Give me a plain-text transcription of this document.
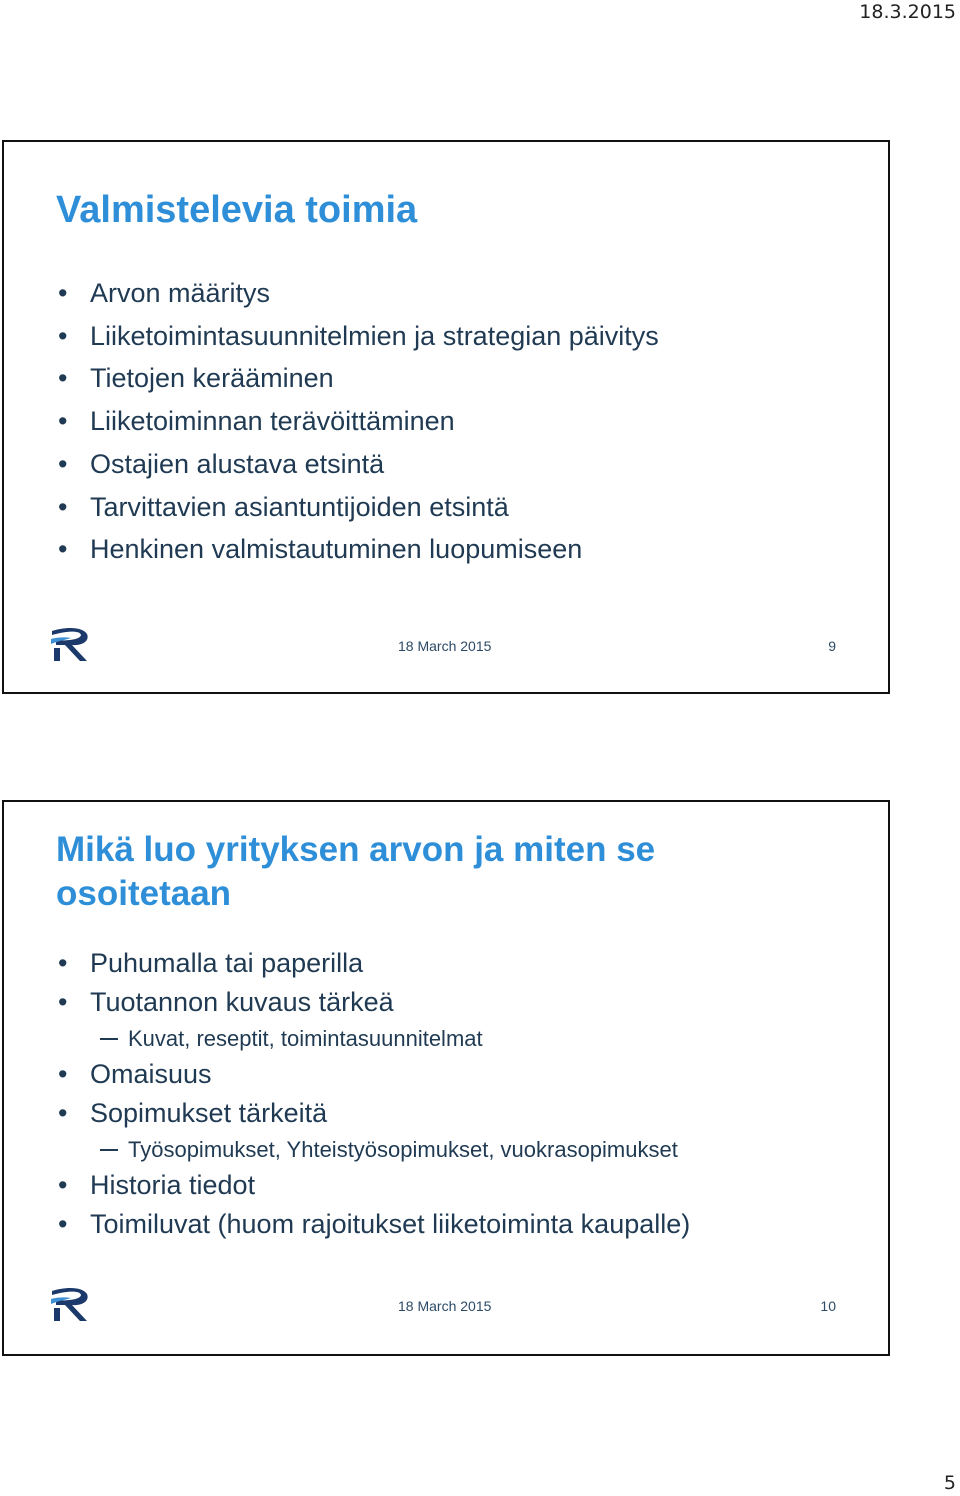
18.3.2015
Valmistelevia toimia
• Arvon määritys
• Liiketoimintasuunnitelmien ja strategian päivitys
• Tietojen kerääminen
• Liiketoiminnan terävöittäminen
• Ostajien alustava etsintä
• Tarvittavien asiantuntijoiden etsintä
• Henkinen valmistautuminen luopumiseen
18 March 2015	9
Mikä luo yrityksen arvon ja miten se osoitetaan
• Puhumalla tai paperilla
• Tuotannon kuvaus tärkeä
Kuvat, reseptit, toimintasuunnitelmat
• Omaisuus
• Sopimukset tärkeitä
Työsopimukset, Yhteistyösopimukset, vuokrasopimukset
• Historia tiedot
• Toimiluvat (huom rajoitukset liiketoiminta kaupalle)
18 March 2015	10
5
